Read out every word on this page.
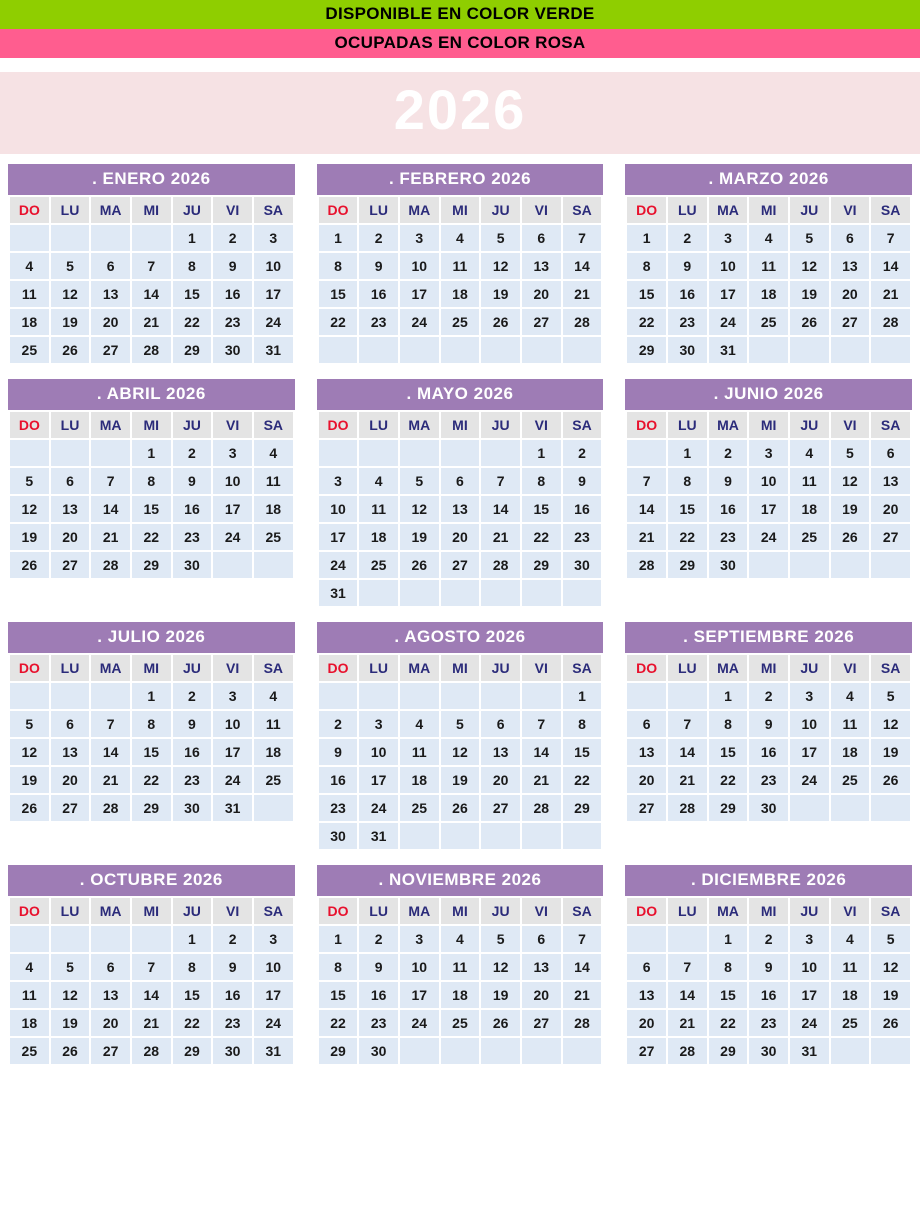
DISPONIBLE EN COLOR VERDE
OCUPADAS EN COLOR ROSA
2026
. ENERO 2026
DO	LU	MA	MI	JU	VI	SA
				1	2	3
4	5	6	7	8	9	10
11	12	13	14	15	16	17
18	19	20	21	22	23	24
25	26	27	28	29	30	31
. FEBRERO 2026
DO	LU	MA	MI	JU	VI	SA
1	2	3	4	5	6	7
8	9	10	11	12	13	14
15	16	17	18	19	20	21
22	23	24	25	26	27	28

. MARZO 2026
DO	LU	MA	MI	JU	VI	SA
1	2	3	4	5	6	7
8	9	10	11	12	13	14
15	16	17	18	19	20	21
22	23	24	25	26	27	28
29	30	31				
. ABRIL 2026
DO	LU	MA	MI	JU	VI	SA
			1	2	3	4
5	6	7	8	9	10	11
12	13	14	15	16	17	18
19	20	21	22	23	24	25
26	27	28	29	30		
. MAYO 2026
DO	LU	MA	MI	JU	VI	SA
					1	2
3	4	5	6	7	8	9
10	11	12	13	14	15	16
17	18	19	20	21	22	23
24	25	26	27	28	29	30
31						
. JUNIO 2026
DO	LU	MA	MI	JU	VI	SA
	1	2	3	4	5	6
7	8	9	10	11	12	13
14	15	16	17	18	19	20
21	22	23	24	25	26	27
28	29	30				
. JULIO 2026
DO	LU	MA	MI	JU	VI	SA
			1	2	3	4
5	6	7	8	9	10	11
12	13	14	15	16	17	18
19	20	21	22	23	24	25
26	27	28	29	30	31	
. AGOSTO 2026
DO	LU	MA	MI	JU	VI	SA
						1
2	3	4	5	6	7	8
9	10	11	12	13	14	15
16	17	18	19	20	21	22
23	24	25	26	27	28	29
30	31					
. SEPTIEMBRE 2026
DO	LU	MA	MI	JU	VI	SA
		1	2	3	4	5
6	7	8	9	10	11	12
13	14	15	16	17	18	19
20	21	22	23	24	25	26
27	28	29	30			
. OCTUBRE 2026
DO	LU	MA	MI	JU	VI	SA
				1	2	3
4	5	6	7	8	9	10
11	12	13	14	15	16	17
18	19	20	21	22	23	24
25	26	27	28	29	30	31
. NOVIEMBRE 2026
DO	LU	MA	MI	JU	VI	SA
1	2	3	4	5	6	7
8	9	10	11	12	13	14
15	16	17	18	19	20	21
22	23	24	25	26	27	28
29	30					
. DICIEMBRE 2026
DO	LU	MA	MI	JU	VI	SA
		1	2	3	4	5
6	7	8	9	10	11	12
13	14	15	16	17	18	19
20	21	22	23	24	25	26
27	28	29	30	31		
